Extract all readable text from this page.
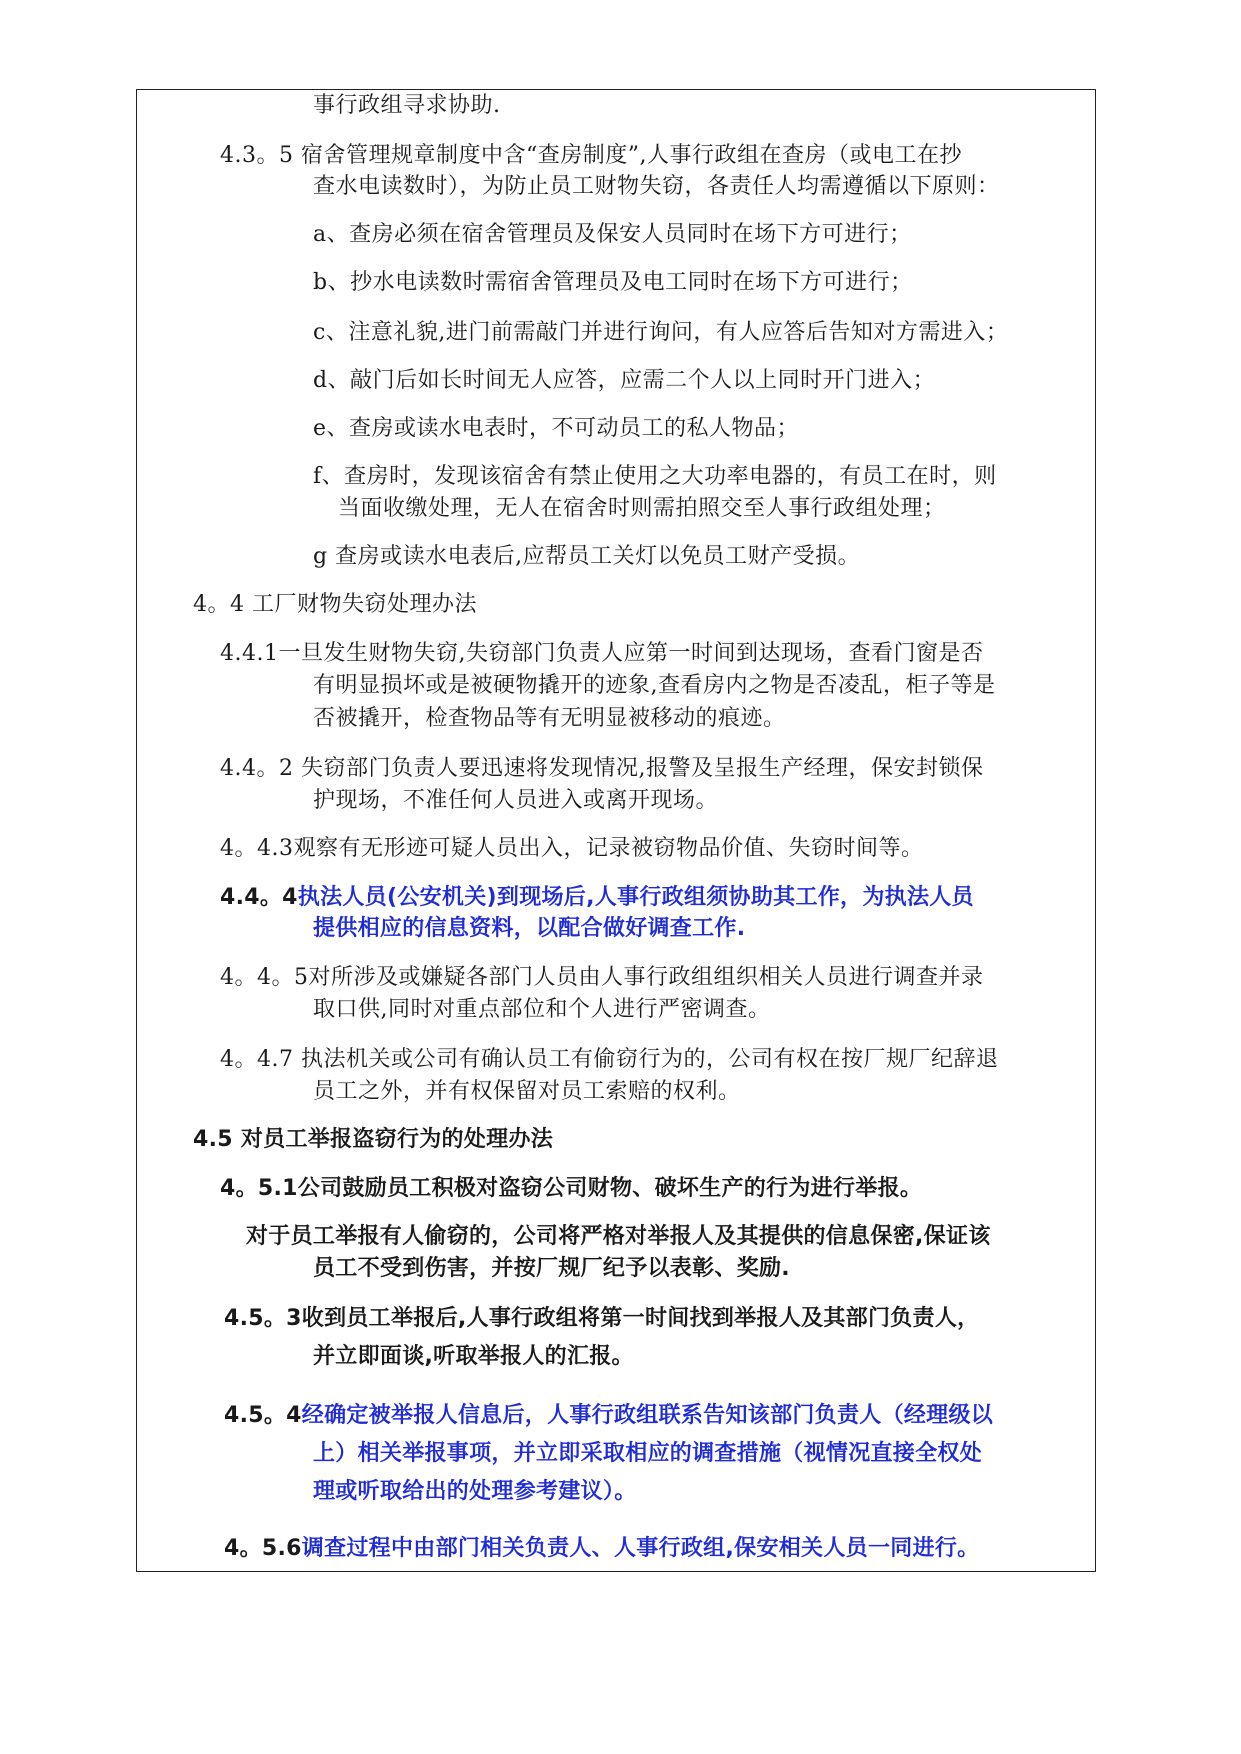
事行政组寻求协助.
4.3。5 宿舍管理规章制度中含“查房制度”,人事行政组在查房（或电工在抄
查水电读数时），为防止员工财物失窃，各责任人均需遵循以下原则：
a、查房必须在宿舍管理员及保安人员同时在场下方可进行；
b、抄水电读数时需宿舍管理员及电工同时在场下方可进行；
c、注意礼貌,进门前需敲门并进行询问，有人应答后告知对方需进入；
d、敲门后如长时间无人应答，应需二个人以上同时开门进入；
e、查房或读水电表时，不可动员工的私人物品；
f、查房时，发现该宿舍有禁止使用之大功率电器的，有员工在时，则
当面收缴处理，无人在宿舍时则需拍照交至人事行政组处理；
g 查房或读水电表后,应帮员工关灯以免员工财产受损。
4。4 工厂财物失窃处理办法
4.4.1一旦发生财物失窃,失窃部门负责人应第一时间到达现场，查看门窗是否
有明显损坏或是被硬物撬开的迹象,查看房内之物是否凌乱，柜子等是
否被撬开，检查物品等有无明显被移动的痕迹。
4.4。2 失窃部门负责人要迅速将发现情况,报警及呈报生产经理，保安封锁保
护现场，不准任何人员进入或离开现场。
4。4.3观察有无形迹可疑人员出入，记录被窃物品价值、失窃时间等。
4.4。4执法人员(公安机关)到现场后,人事行政组须协助其工作，为执法人员
提供相应的信息资料，以配合做好调查工作.
4。4。5对所涉及或嫌疑各部门人员由人事行政组组织相关人员进行调查并录
取口供,同时对重点部位和个人进行严密调查。
4。4.7 执法机关或公司有确认员工有偷窃行为的，公司有权在按厂规厂纪辞退
员工之外，并有权保留对员工索赔的权利。
4.5 对员工举报盗窃行为的处理办法
4。5.1公司鼓励员工积极对盗窃公司财物、破坏生产的行为进行举报。
对于员工举报有人偷窃的，公司将严格对举报人及其提供的信息保密,保证该
员工不受到伤害，并按厂规厂纪予以表彰、奖励.
4.5。3收到员工举报后,人事行政组将第一时间找到举报人及其部门负责人，
并立即面谈,听取举报人的汇报。
4.5。4经确定被举报人信息后，人事行政组联系告知该部门负责人（经理级以
上）相关举报事项，并立即采取相应的调查措施（视情况直接全权处
理或听取给出的处理参考建议）。
4。5.6调查过程中由部门相关负责人、人事行政组,保安相关人员一同进行。
